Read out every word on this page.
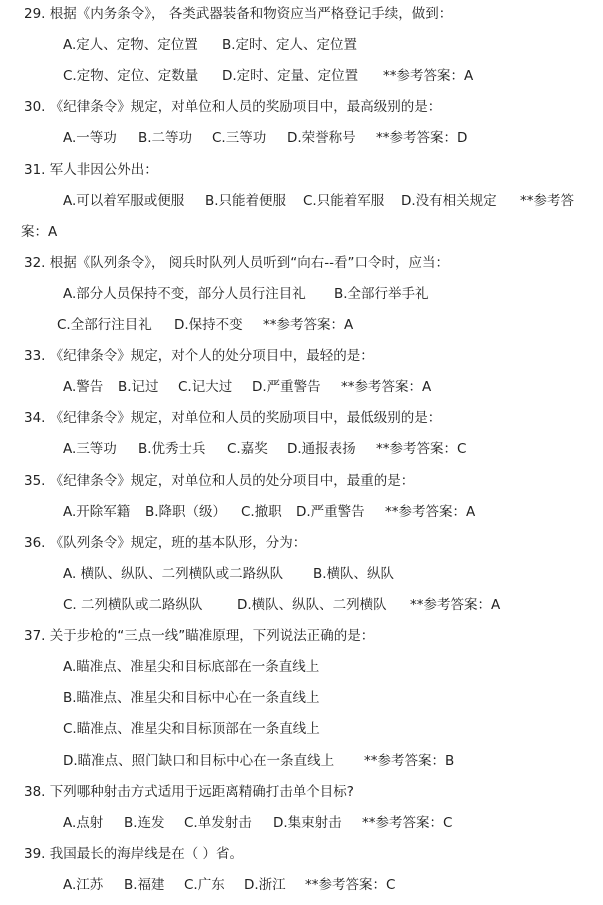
29. 根据《内务条令》， 各类武器装备和物资应当严格登记手续，做到：
A.定人、定物、定位置 B.定时、定人、定位置
C.定物、定位、定数量 D.定时、定量、定位置 **参考答案：A
30. 《纪律条令》规定，对单位和人员的奖励项目中，最高级别的是：
A.一等功 B.二等功 C.三等功 D.荣誉称号 **参考答案：D
31. 军人非因公外出：
A.可以着军服或便服 B.只能着便服 C.只能着军服 D.没有相关规定 **参考答
案：A
32. 根据《队列条令》， 阅兵时队列人员听到“向右--看”口令时，应当：
A.部分人员保持不变，部分人员行注目礼 B.全部行举手礼
C.全部行注目礼 D.保持不变 **参考答案：A
33. 《纪律条令》规定，对个人的处分项目中，最轻的是：
A.警告 B.记过 C.记大过 D.严重警告 **参考答案：A
34. 《纪律条令》规定，对单位和人员的奖励项目中，最低级别的是：
A.三等功 B.优秀士兵 C.嘉奖 D.通报表扬 **参考答案：C
35. 《纪律条令》规定，对单位和人员的处分项目中，最重的是：
A.开除军籍 B.降职（级） C.撤职 D.严重警告 **参考答案：A
36. 《队列条令》规定，班的基本队形，分为：
A. 横队、纵队、二列横队或二路纵队 B.横队、纵队
C. 二列横队或二路纵队	D.横队、纵队、二列横队 **参考答案：A
37. 关于步枪的“三点一线”瞄准原理，下列说法正确的是：
A.瞄准点、准星尖和目标底部在一条直线上
B.瞄准点、准星尖和目标中心在一条直线上
C.瞄准点、准星尖和目标顶部在一条直线上
D.瞄准点、照门缺口和目标中心在一条直线上 **参考答案：B
38. 下列哪种射击方式适用于远距离精确打击单个目标?
A.点射 B.连发 C.单发射击 D.集束射击 **参考答案：C
39. 我国最长的海岸线是在（ ）省。
A.江苏 B.福建 C.广东 D.浙江 **参考答案：C
